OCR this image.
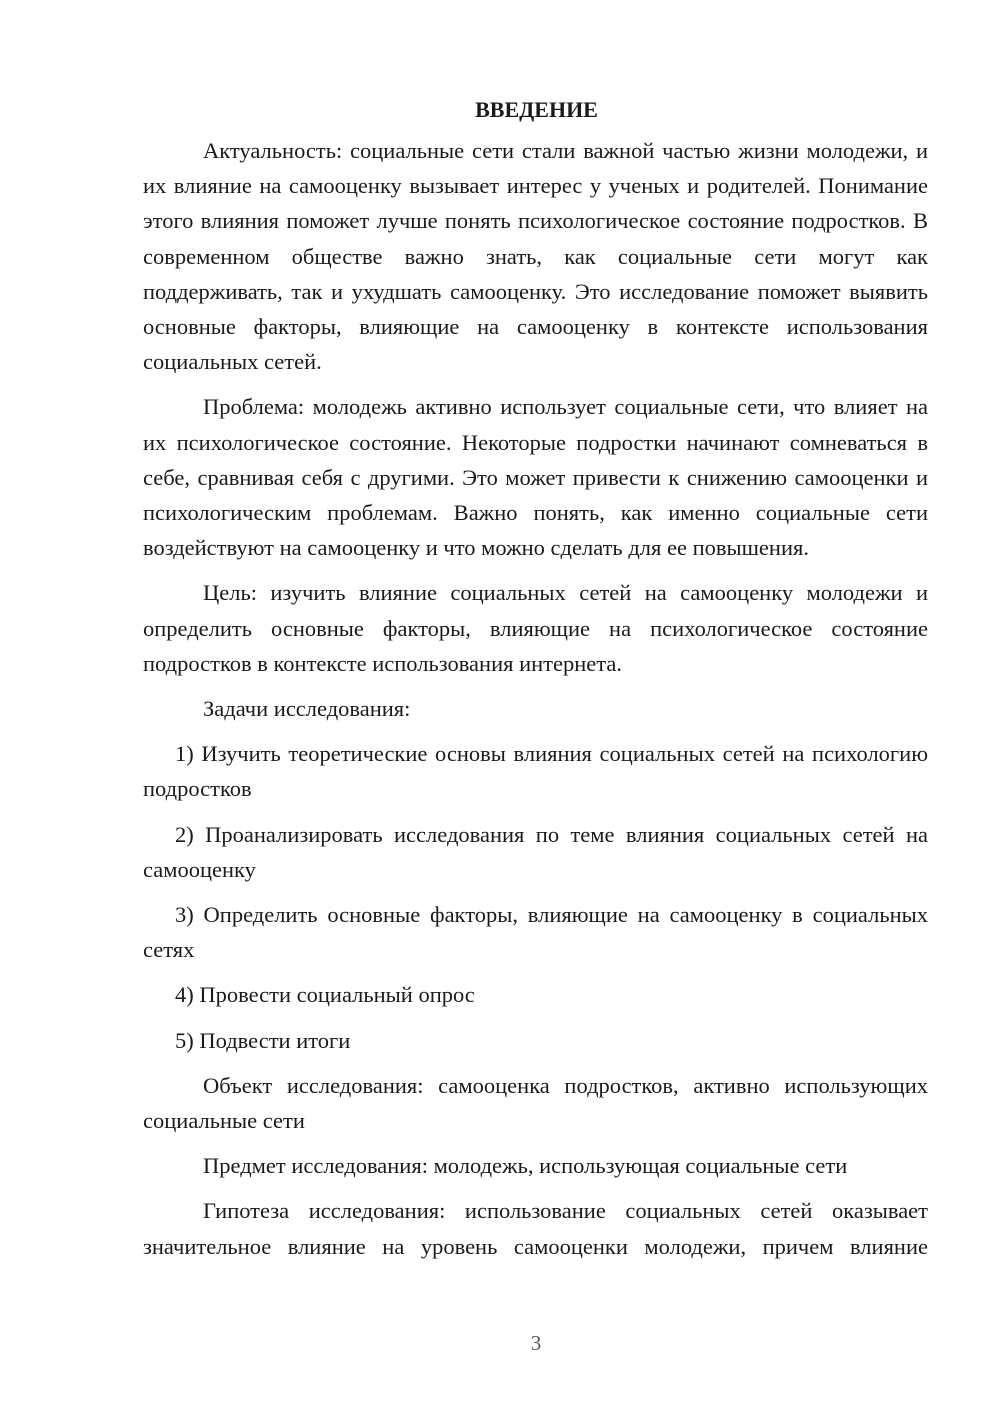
ВВЕДЕНИЕ

Актуальность: социальные сети стали важной частью жизни молодежи, и их влияние на самооценку вызывает интерес у ученых и родителей. Понимание этого влияния поможет лучше понять психологическое состояние подростков. В современном обществе важно знать, как социальные сети могут как поддерживать, так и ухудшать самооценку. Это исследование поможет выявить основные факторы, влияющие на самооценку в контексте использования социальных сетей.

Проблема: молодежь активно использует социальные сети, что влияет на их психологическое состояние. Некоторые подростки начинают сомневаться в себе, сравнивая себя с другими. Это может привести к снижению самооценки и психологическим проблемам. Важно понять, как именно социальные сети воздействуют на самооценку и что можно сделать для ее повышения.

Цель: изучить влияние социальных сетей на самооценку молодежи и определить основные факторы, влияющие на психологическое состояние подростков в контексте использования интернета.

Задачи исследования:

1) Изучить теоретические основы влияния социальных сетей на психологию подростков

2) Проанализировать исследования по теме влияния социальных сетей на самооценку

3) Определить основные факторы, влияющие на самооценку в социальных сетях

4) Провести социальный опрос

5) Подвести итоги

Объект исследования: самооценка подростков, активно использующих социальные сети

Предмет исследования: молодежь, использующая социальные сети

Гипотеза исследования: использование социальных сетей оказывает значительное влияние на уровень самооценки молодежи, причем влияние

3
